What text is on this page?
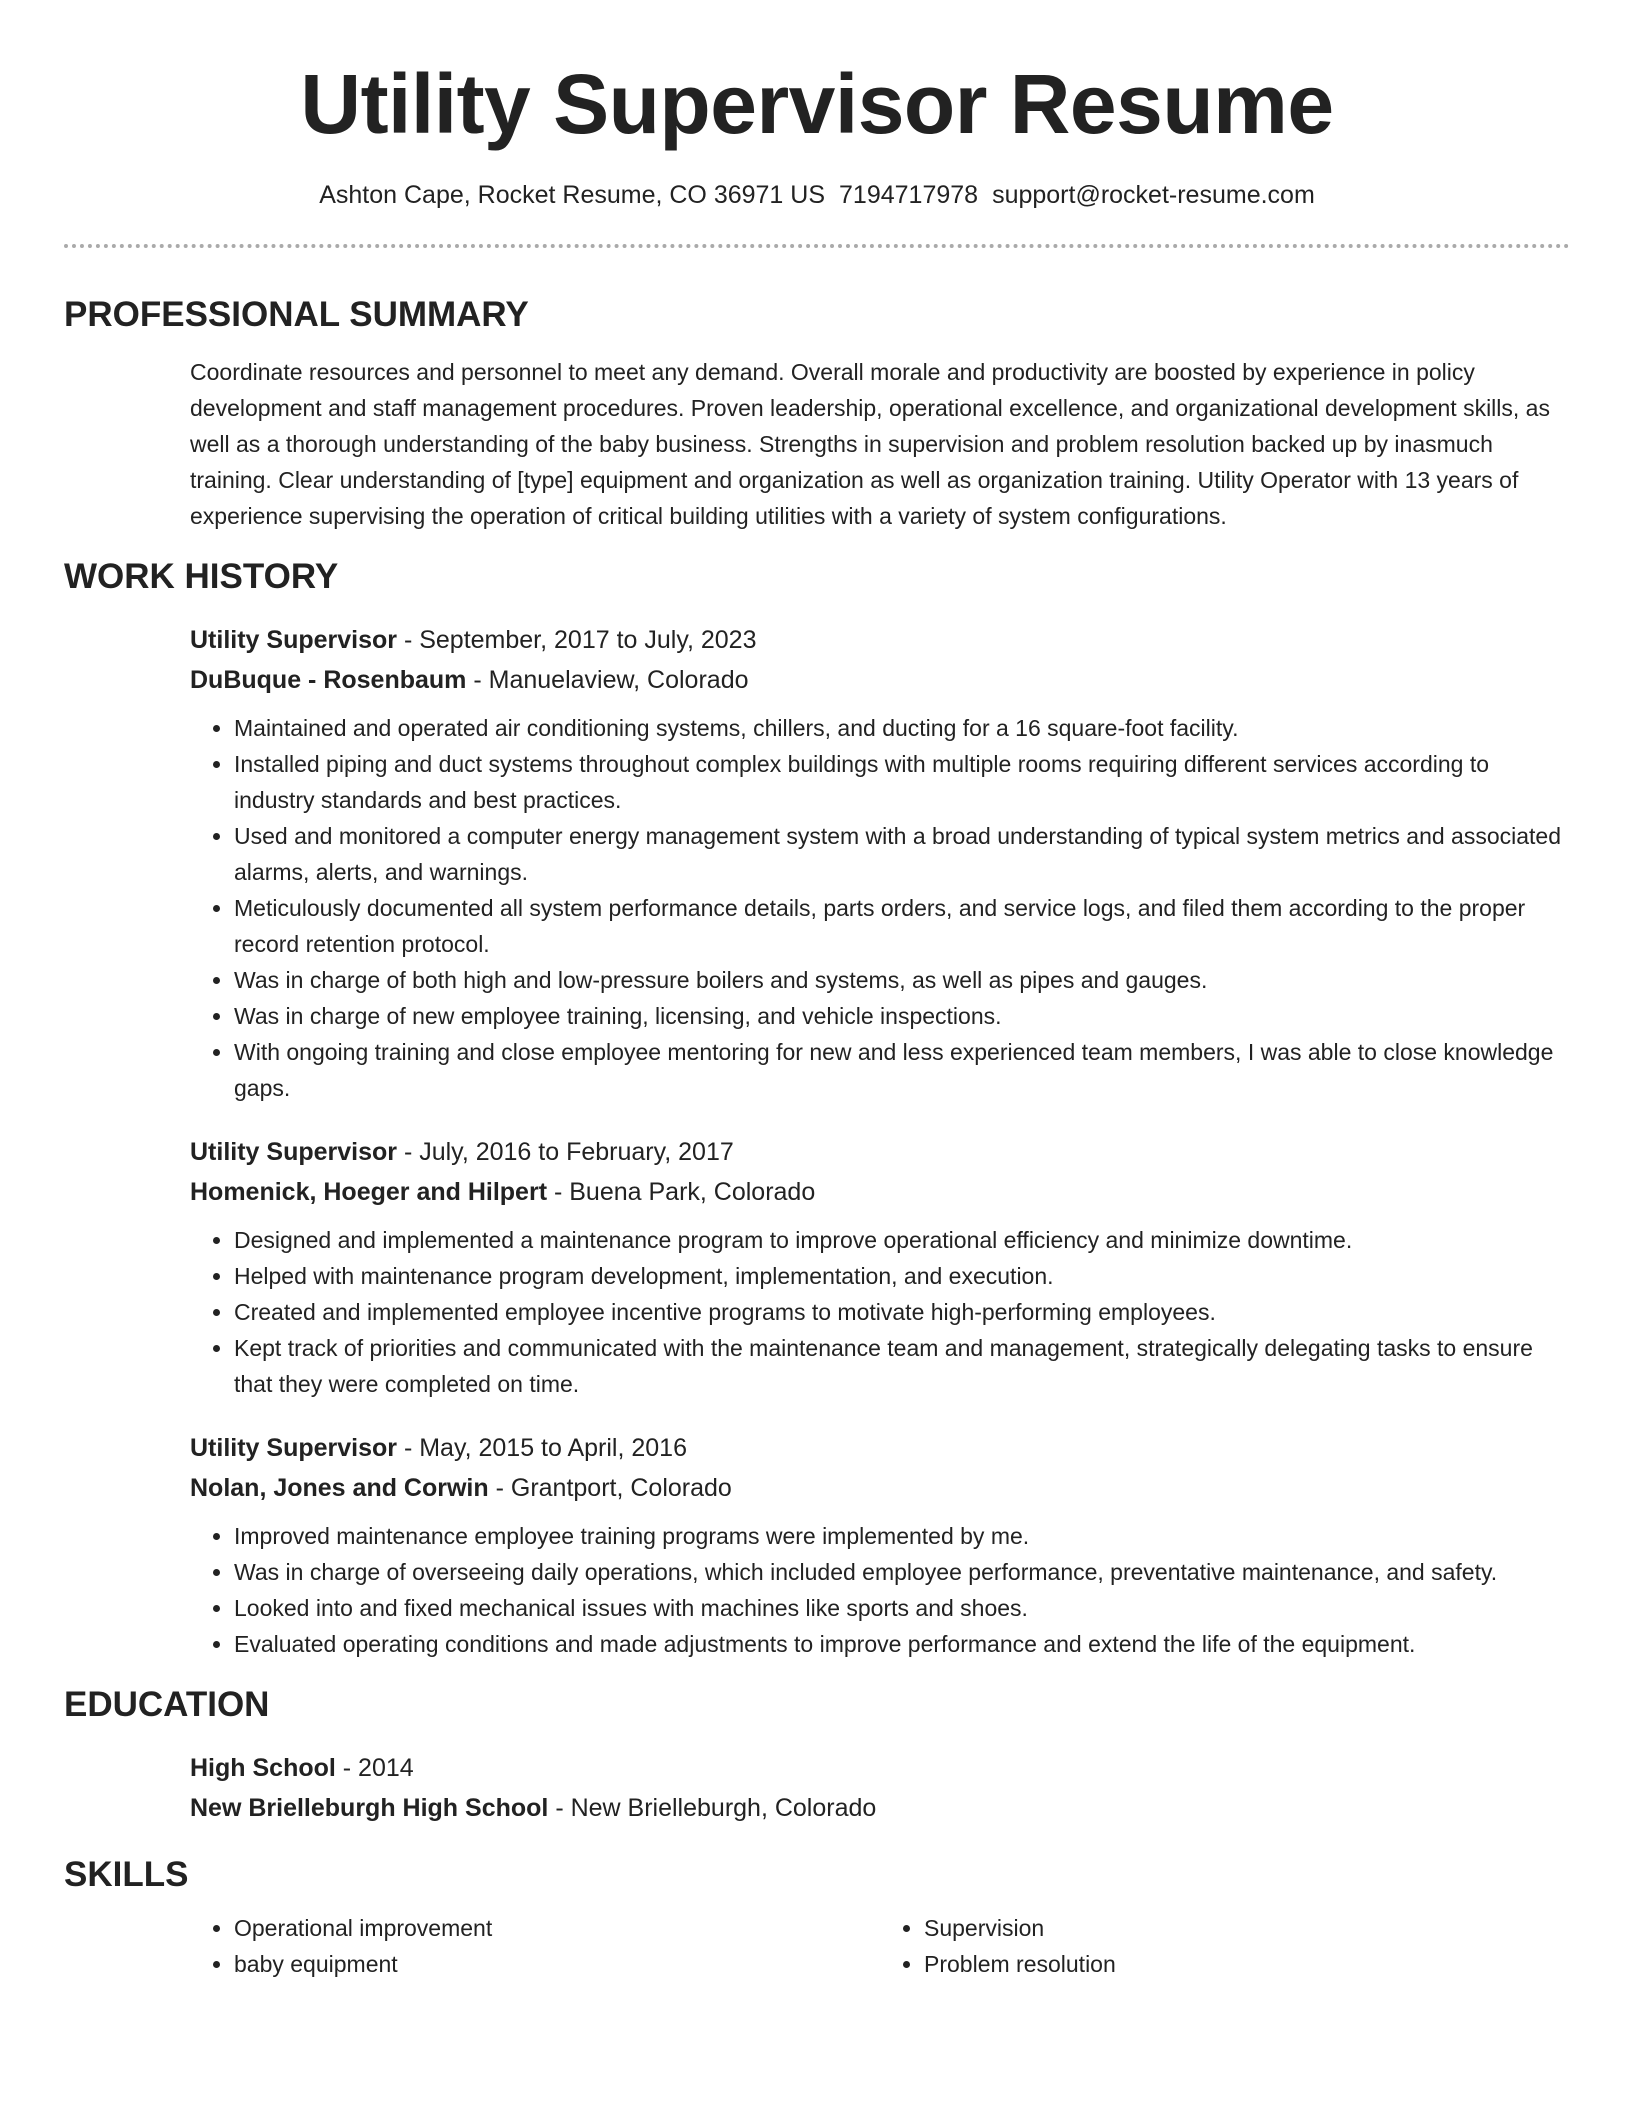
Utility Supervisor Resume
Ashton Cape, Rocket Resume, CO 36971 US 7194717978 support@rocket-resume.com
PROFESSIONAL SUMMARY

Coordinate resources and personnel to meet any demand. Overall morale and productivity are boosted by experience in policy development and staff management procedures. Proven leadership, operational excellence, and organizational development skills, as well as a thorough understanding of the baby business. Strengths in supervision and problem resolution backed up by inasmuch training. Clear understanding of [type] equipment and organization as well as organization training. Utility Operator with 13 years of experience supervising the operation of critical building utilities with a variety of system configurations.

WORK HISTORY
Utility Supervisor - September, 2017 to July, 2023
DuBuque - Rosenbaum - Manuelaview, Colorado
• Maintained and operated air conditioning systems, chillers, and ducting for a 16 square-foot facility.
• Installed piping and duct systems throughout complex buildings with multiple rooms requiring different services according to industry standards and best practices.
• Used and monitored a computer energy management system with a broad understanding of typical system metrics and associated alarms, alerts, and warnings.
• Meticulously documented all system performance details, parts orders, and service logs, and filed them according to the proper record retention protocol.
• Was in charge of both high and low-pressure boilers and systems, as well as pipes and gauges.
• Was in charge of new employee training, licensing, and vehicle inspections.
• With ongoing training and close employee mentoring for new and less experienced team members, I was able to close knowledge gaps.
Utility Supervisor - July, 2016 to February, 2017
Homenick, Hoeger and Hilpert - Buena Park, Colorado
• Designed and implemented a maintenance program to improve operational efficiency and minimize downtime.
• Helped with maintenance program development, implementation, and execution.
• Created and implemented employee incentive programs to motivate high-performing employees.
• Kept track of priorities and communicated with the maintenance team and management, strategically delegating tasks to ensure that they were completed on time.
Utility Supervisor - May, 2015 to April, 2016
Nolan, Jones and Corwin - Grantport, Colorado
• Improved maintenance employee training programs were implemented by me.
• Was in charge of overseeing daily operations, which included employee performance, preventative maintenance, and safety.
• Looked into and fixed mechanical issues with machines like sports and shoes.
• Evaluated operating conditions and made adjustments to improve performance and extend the life of the equipment.
EDUCATION
High School - 2014
New Brielleburgh High School - New Brielleburgh, Colorado
SKILLS
• Operational improvement
• baby equipment
• Supervision
• Problem resolution
